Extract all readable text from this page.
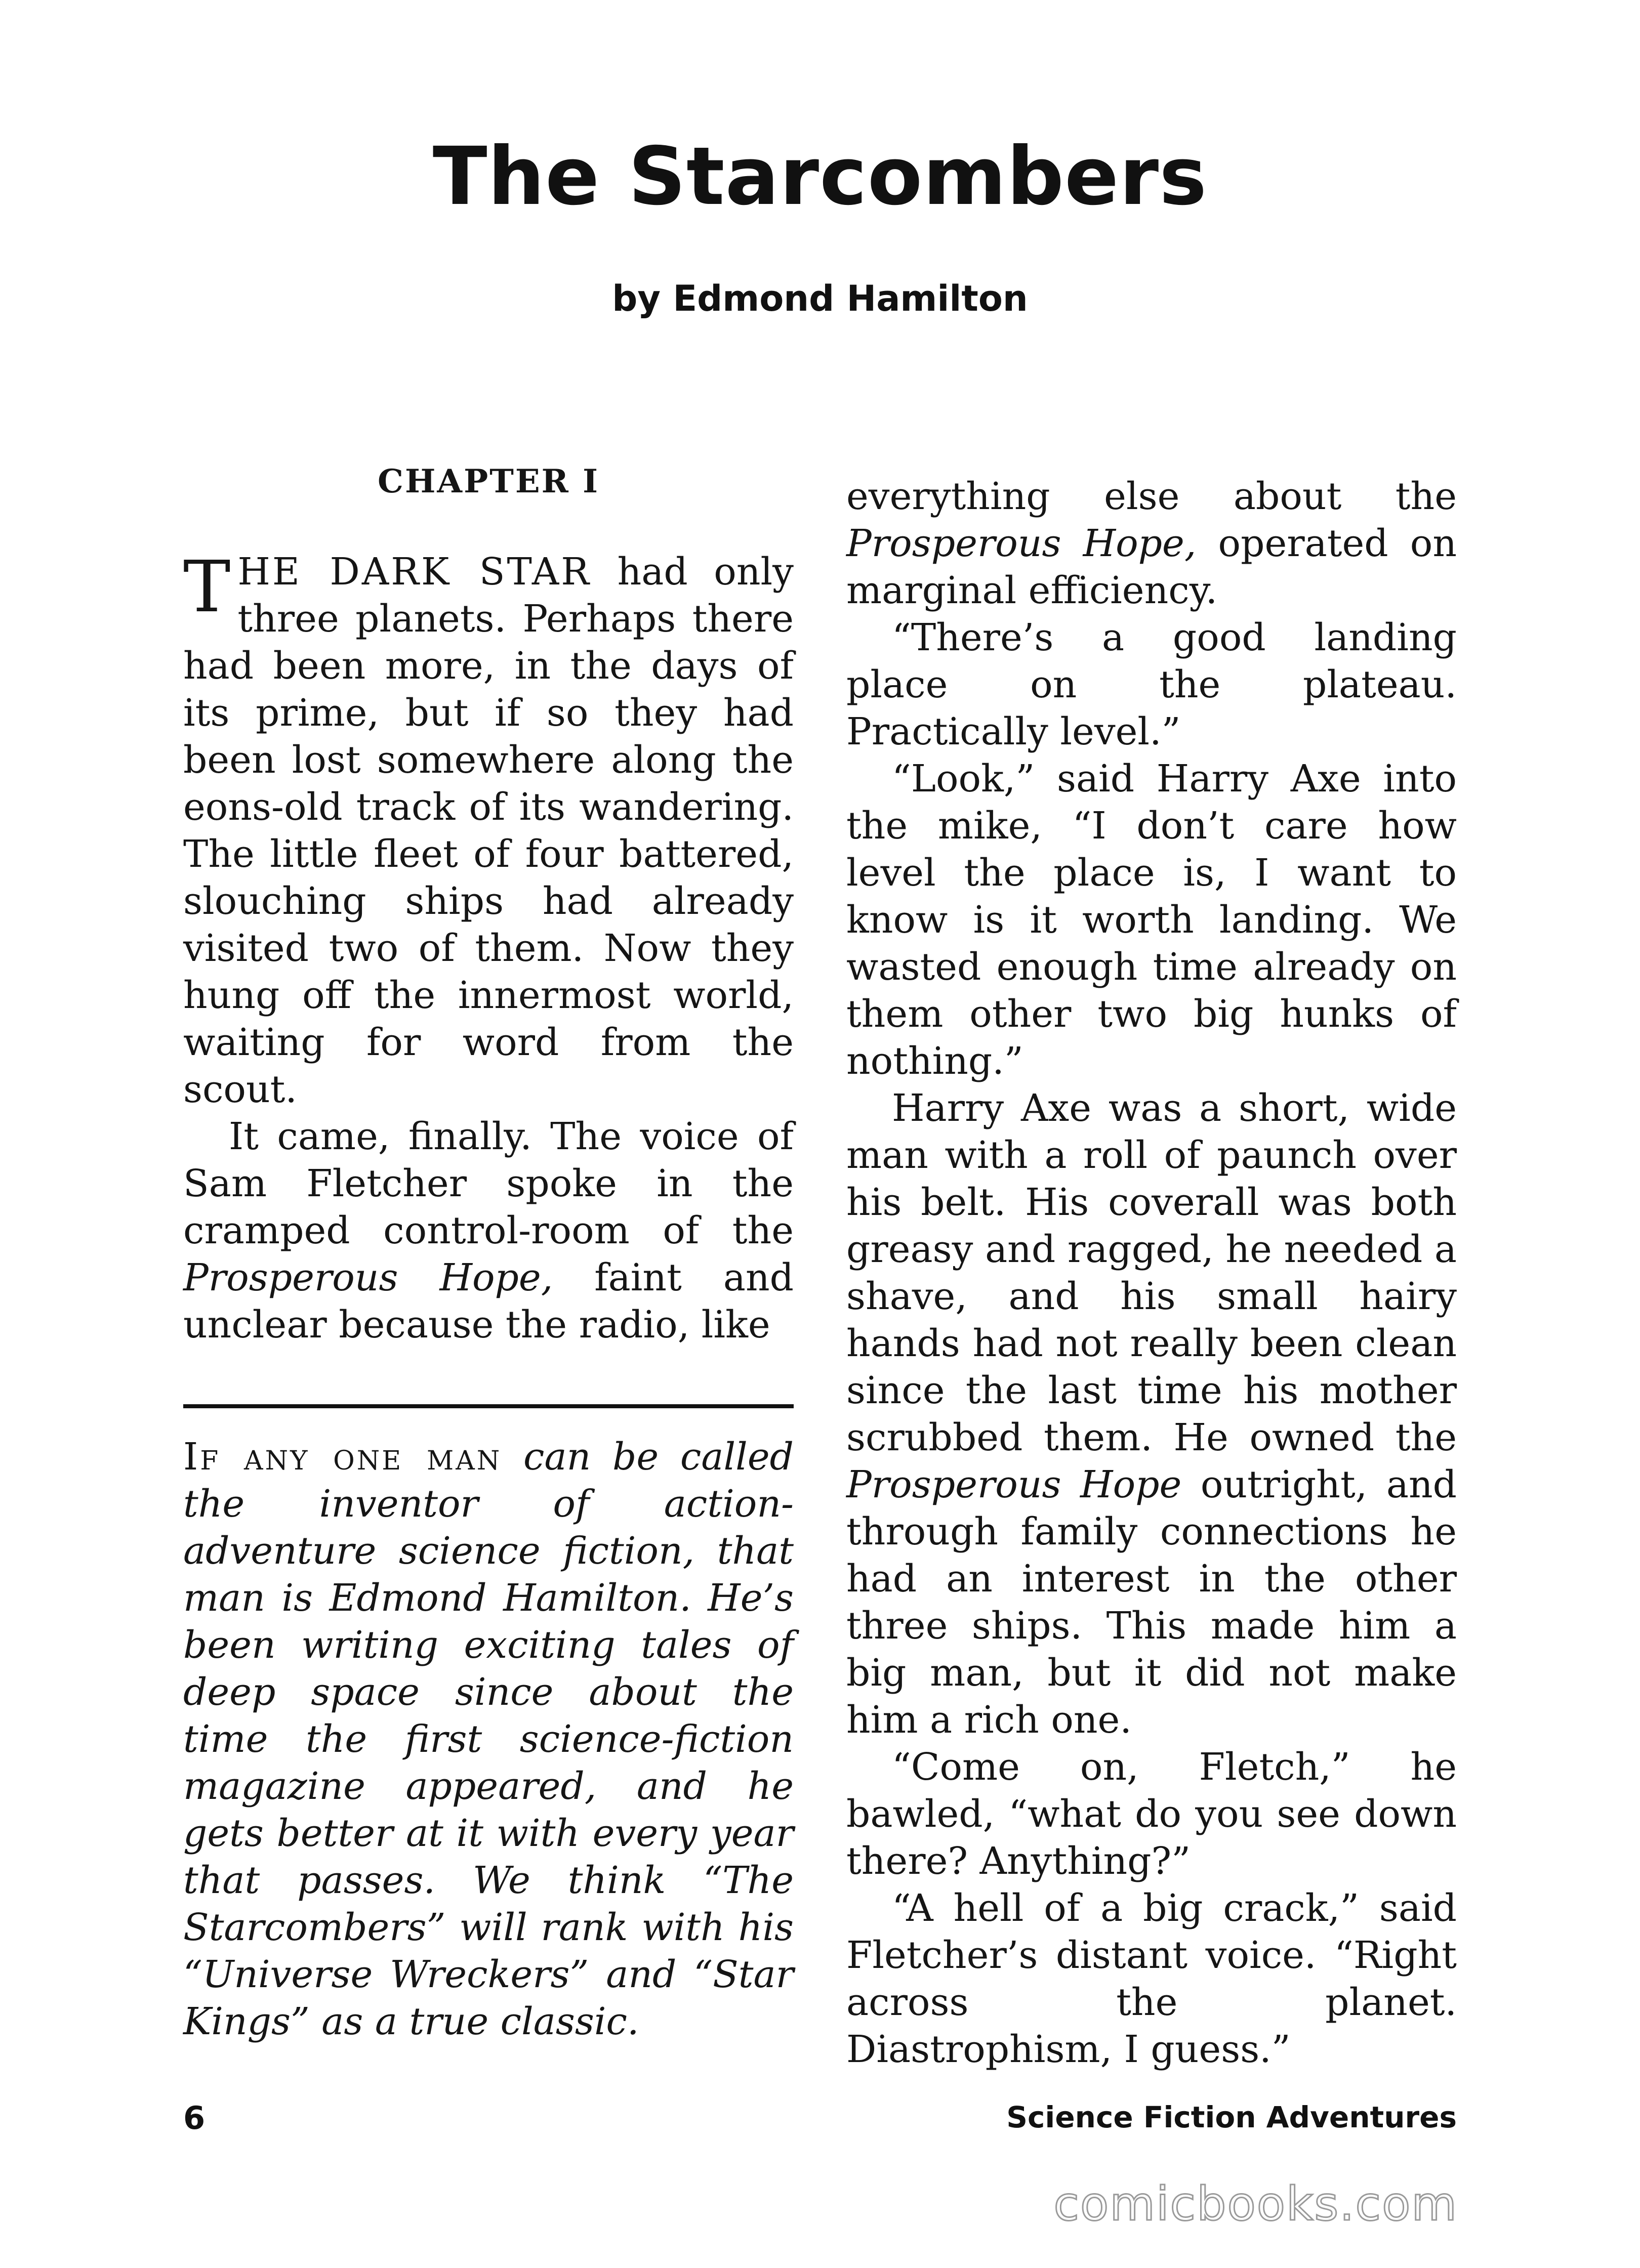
The Starcombers
by Edmond Hamilton
CHAPTER I

THE DARK STAR had only three planets. Perhaps there had been more, in the days of its prime, but if so they had been lost somewhere along the eons-old track of its wandering. The little fleet of four battered, slouching ships had already visited two of them. Now they hung off the innermost world, waiting for word from the scout.

It came, finally. The voice of Sam Fletcher spoke in the cramped control-room of the Prosperous Hope, faint and unclear because the radio, like

If any one man can be called the inventor of action-adventure science fiction, that man is Edmond Hamilton. He’s been writing exciting tales of deep space since about the time the first science-fiction magazine appeared, and he gets better at it with every year that passes. We think “The Starcombers” will rank with his “Universe Wreckers” and “Star Kings” as a true classic.

everything else about the Prosperous Hope, operated on marginal efficiency.

“There’s a good landing place on the plateau. Practically level.”

“Look,” said Harry Axe into the mike, “I don’t care how level the place is, I want to know is it worth landing. We wasted enough time already on them other two big hunks of nothing.”

Harry Axe was a short, wide man with a roll of paunch over his belt. His coverall was both greasy and ragged, he needed a shave, and his small hairy hands had not really been clean since the last time his mother scrubbed them. He owned the Prosperous Hope outright, and through family connections he had an interest in the other three ships. This made him a big man, but it did not make him a rich one.

“Come on, Fletch,” he bawled, “what do you see down there? Anything?”

“A hell of a big crack,” said Fletcher’s distant voice. “Right across the planet. Diastrophism, I guess.”

6	Science Fiction Adventures
comicbooks.com
